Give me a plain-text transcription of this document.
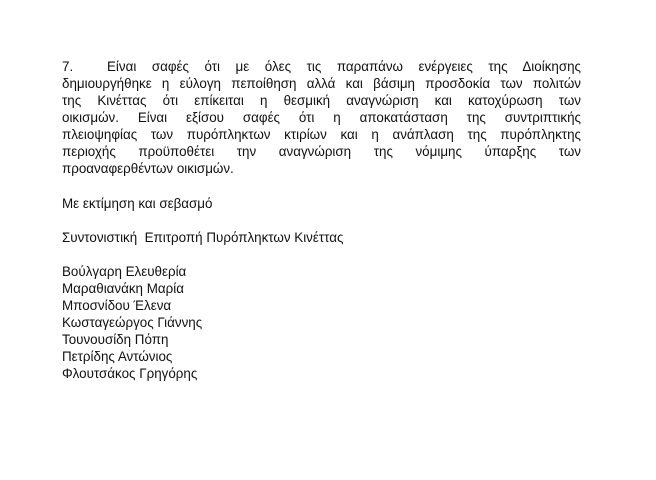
7.	Είναι σαφές ότι με όλες τις παραπάνω ενέργειες της Διοίκησης
δημιουργήθηκε η εύλογη πεποίθηση αλλά και βάσιμη προσδοκία των πολιτών
της Κινέττας ότι επίκειται η θεσμική αναγνώριση και κατοχύρωση των
οικισμών. Είναι εξίσου σαφές ότι η αποκατάσταση της συντριπτικής
πλειοψηφίας των πυρόπληκτων κτιρίων και η ανάπλαση της πυρόπληκτης
περιοχής προϋποθέτει την αναγνώριση της νόμιμης ύπαρξης των
προαναφερθέντων οικισμών.
Με εκτίμηση και σεβασμό
Συντονιστική  Επιτροπή Πυρόπληκτων Κινέττας
Βούλγαρη Ελευθερία
Μαραθιανάκη Μαρία
Μποσνίδου Έλενα
Κωσταγεώργος Γιάννης
Τουνουσίδη Πόπη
Πετρίδης Αντώνιος
Φλουτσάκος Γρηγόρης
